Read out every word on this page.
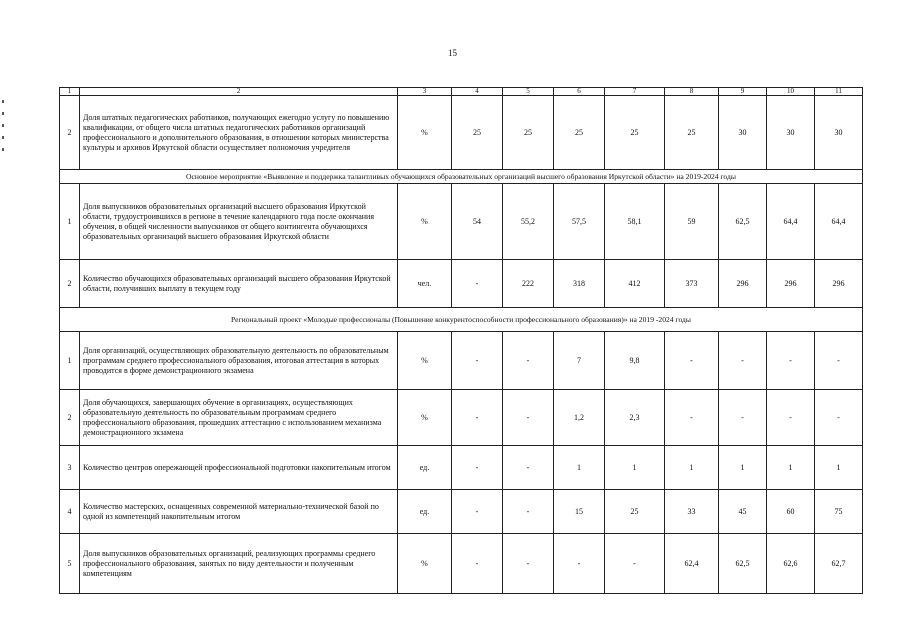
15
1	2	3	4	5	6	7	8	9	10	11
2	Доля штатных педагогических работников, получающих ежегодно услугу по повышению квалификации, от общего числа штатных педагогических работников организаций профессионального и дополнительного образования, в отношении которых министерства культуры и архивов Иркутской области осуществляет полномочия учредителя	%	25	25	25	25	25	30	30	30
Основное мероприятие «Выявление и поддержка талантливых обучающихся образовательных организаций высшего образования Иркутской области» на 2019-2024 годы										
1	Доля выпускников образовательных организаций высшего образования Иркутской области, трудоустроившихся в регионе в течение календарного года после окончания обучения, в общей численности выпускников от общего контингента обучающихся образовательных организаций высшего образования Иркутской области	%	54	55,2	57,5	58,1	59	62,5	64,4	64,4
2	Количество обучающихся образовательных организаций высшего образования Иркутской области, получивших выплату в текущем году	чел.	-	222	318	412	373	296	296	296
Региональный проект «Молодые профессионалы (Повышение конкурентоспособности профессионального образования)» на 2019 -2024 годы										
1	Доля организаций, осуществляющих образовательную деятельность по образовательным программам среднего профессионального образования, итоговая аттестация в которых проводится в форме демонстрационного экзамена	%	-	-	7	9,8	-	-	-	-
2	Доля обучающихся, завершающих обучение в организациях, осуществляющих образовательную деятельность по образовательным программам среднего профессионального образования, прошедших аттестацию с использованием механизма демонстрационного экзамена	%	-	-	1,2	2,3	-	-	-	-
3	Количество центров опережающей профессиональной подготовки накопительным итогом	ед.	-	-	1	1	1	1	1	1
4	Количество мастерских, оснащенных современной материально-технической базой по одной из компетенций накопительным итогом	ед.	-	-	15	25	33	45	60	75
5	Доля выпускников образовательных организаций, реализующих программы среднего профессионального образования, занятых по виду деятельности и полученным компетенциям	%	-	-	-	-	62,4	62,5	62,6	62,7
